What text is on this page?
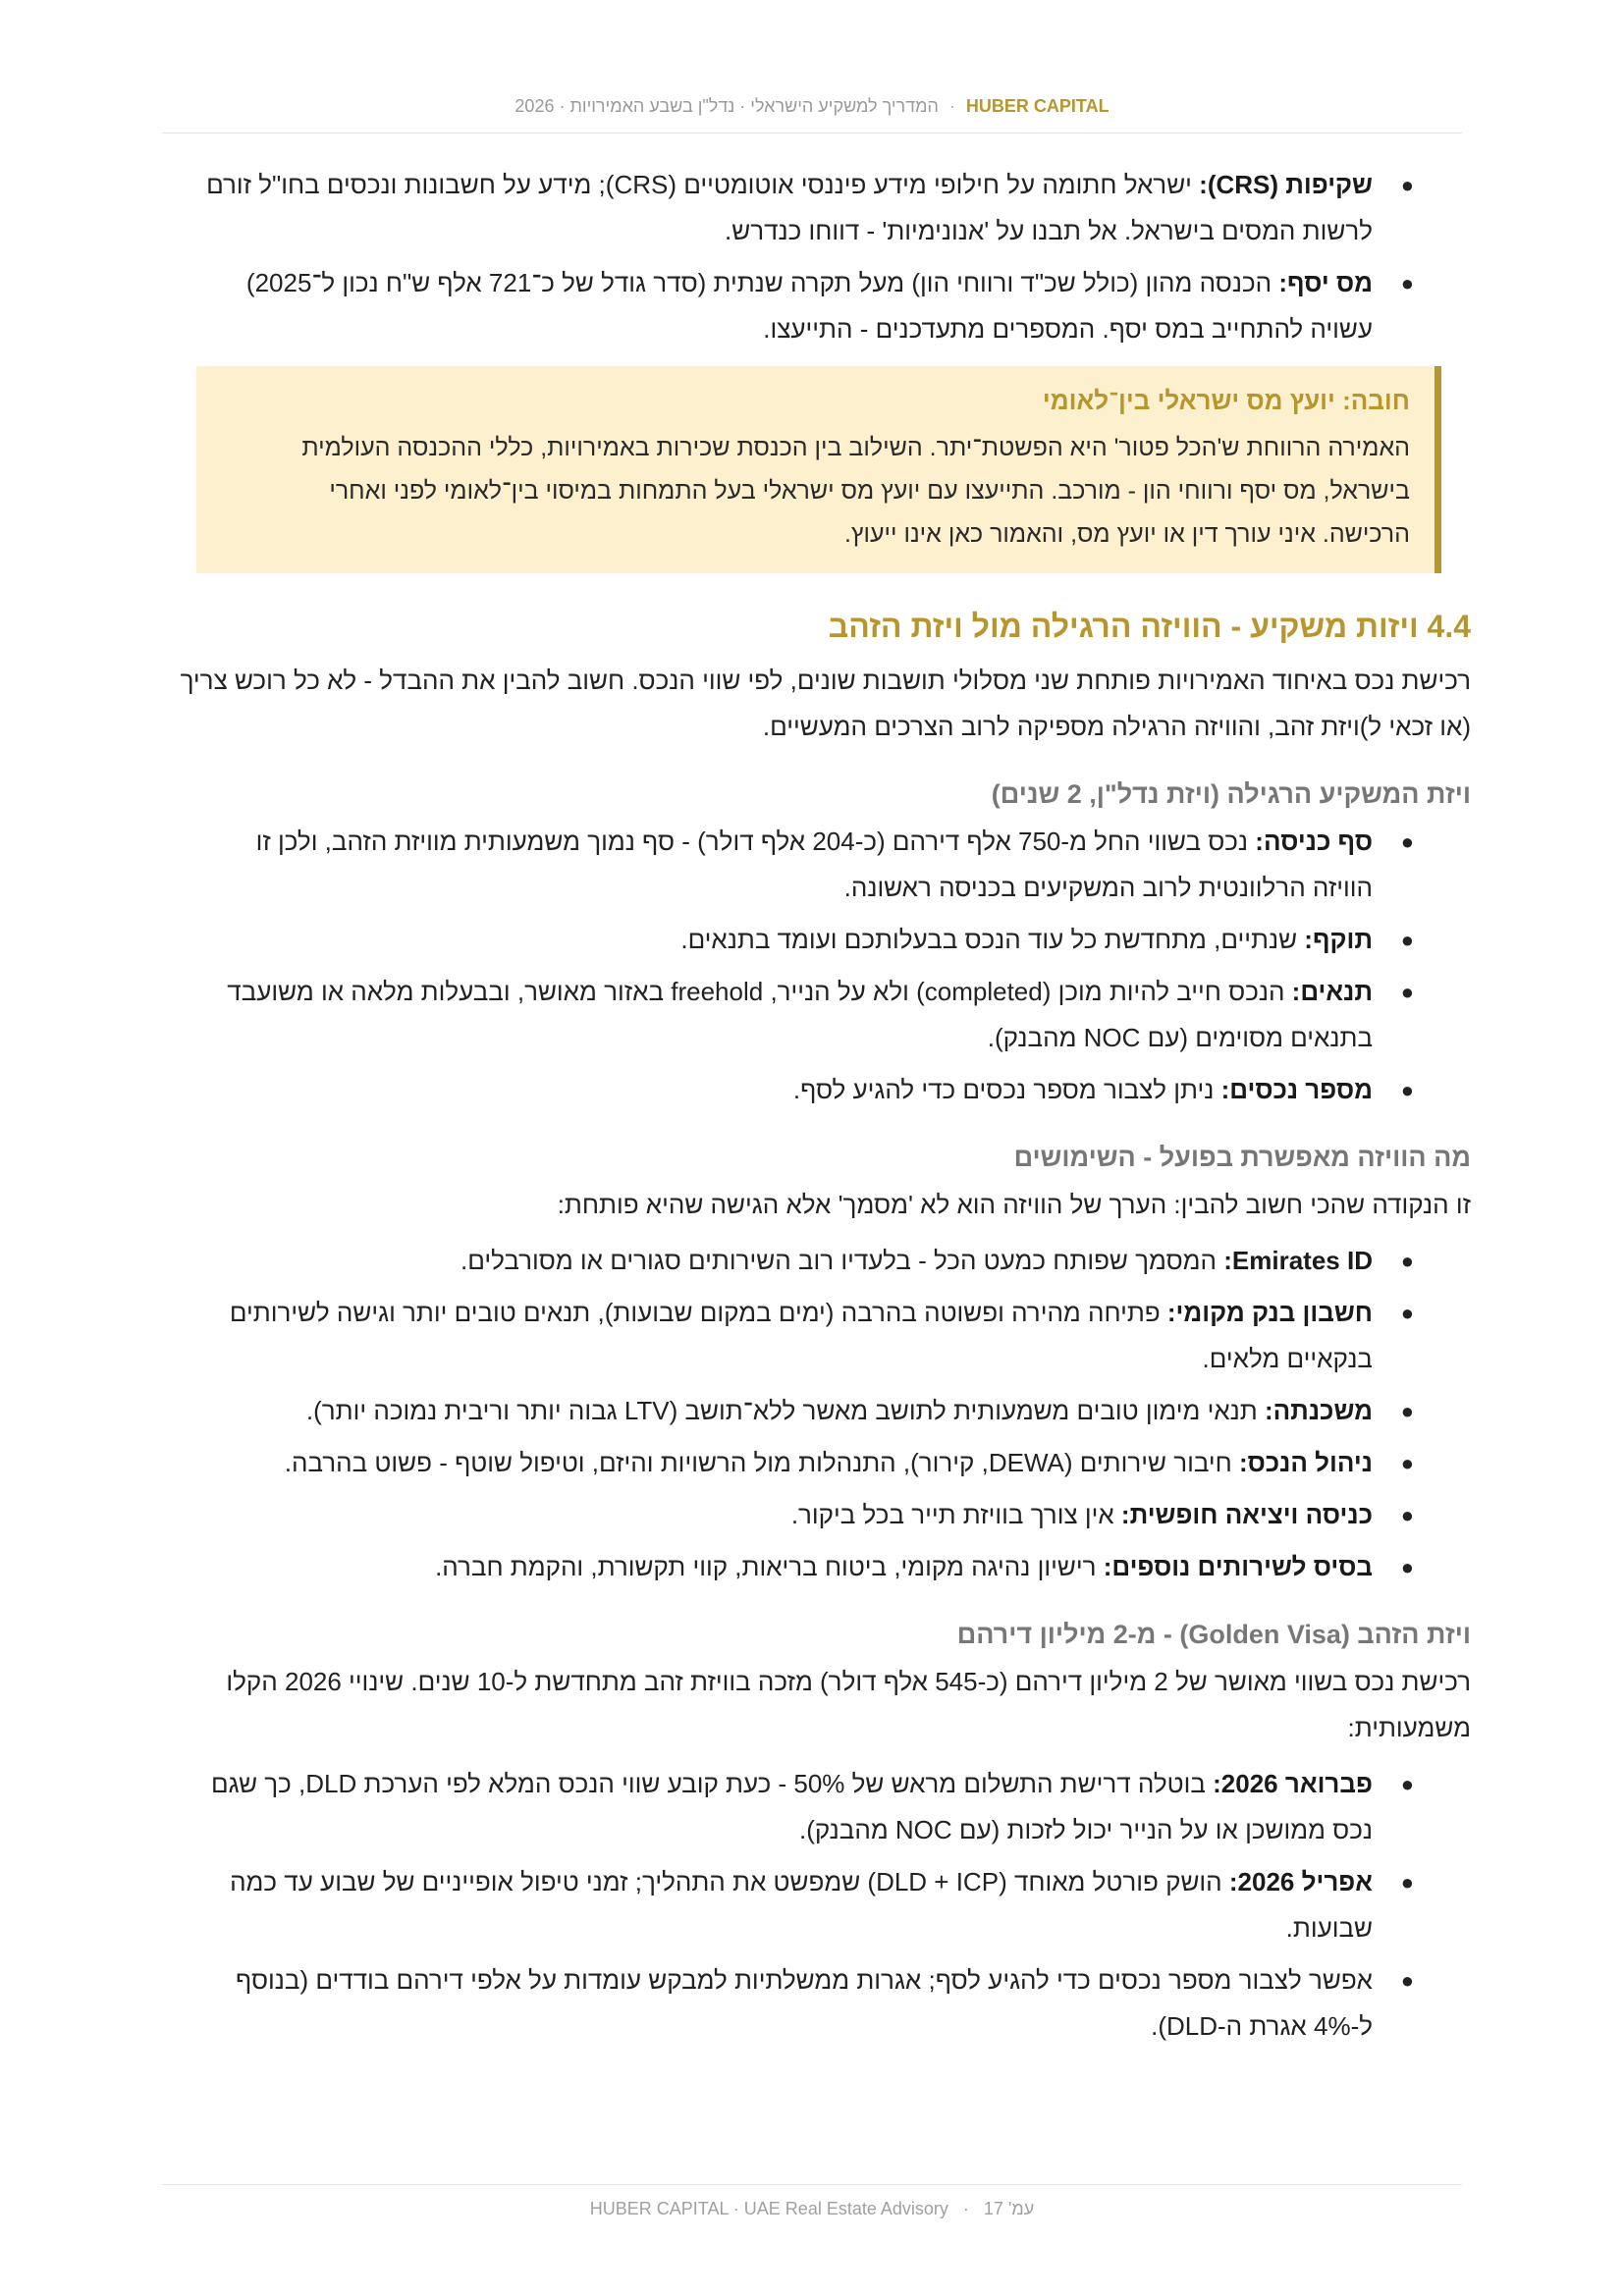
HUBER CAPITAL · המדריך למשקיע הישראלי · נדל"ן בשבע האמירויות · 2026
●
שקיפות (CRS): ישראל חתומה על חילופי מידע פיננסי אוטומטיים (CRS); מידע על חשבונות ונכסים בחו"ל זורם לרשות המסים בישראל. אל תבנו על 'אנונימיות' - דווחו כנדרש.
●
מס יסף: הכנסה מהון (כולל שכ"ד ורווחי הון) מעל תקרה שנתית (סדר גודל של כ־721 אלף ש"ח נכון ל־2025) עשויה להתחייב במס יסף. המספרים מתעדכנים - התייעצו.
חובה: יועץ מס ישראלי בין־לאומי
האמירה הרווחת ש'הכל פטור' היא הפשטת־יתר. השילוב בין הכנסת שכירות באמירויות, כללי ההכנסה העולמית בישראל, מס יסף ורווחי הון - מורכב. התייעצו עם יועץ מס ישראלי בעל התמחות במיסוי בין־לאומי לפני ואחרי הרכישה. איני עורך דין או יועץ מס, והאמור כאן אינו ייעוץ.
4.4 ויזות משקיע - הוויזה הרגילה מול ויזת הזהב

רכישת נכס באיחוד האמירויות פותחת שני מסלולי תושבות שונים, לפי שווי הנכס. חשוב להבין את ההבדל - לא כל רוכש צריך (או זכאי ל)ויזת זהב, והוויזה הרגילה מספיקה לרוב הצרכים המעשיים.

ויזת המשקיע הרגילה (ויזת נדל"ן, 2 שנים)
●
סף כניסה: נכס בשווי החל מ-750 אלף דירהם (כ-204 אלף דולר) - סף נמוך משמעותית מוויזת הזהב, ולכן זו הוויזה הרלוונטית לרוב המשקיעים בכניסה ראשונה.
●
תוקף: שנתיים, מתחדשת כל עוד הנכס בבעלותכם ועומד בתנאים.
●
תנאים: הנכס חייב להיות מוכן (completed) ולא על הנייר, freehold באזור מאושר, ובבעלות מלאה או משועבד בתנאים מסוימים (עם NOC מהבנק).
●
מספר נכסים: ניתן לצבור מספר נכסים כדי להגיע לסף.
מה הוויזה מאפשרת בפועל - השימושים

זו הנקודה שהכי חשוב להבין: הערך של הוויזה הוא לא 'מסמך' אלא הגישה שהיא פותחת:

●
Emirates ID: המסמך שפותח כמעט הכל - בלעדיו רוב השירותים סגורים או מסורבלים.
●
חשבון בנק מקומי: פתיחה מהירה ופשוטה בהרבה (ימים במקום שבועות), תנאים טובים יותר וגישה לשירותים בנקאיים מלאים.
●
משכנתה: תנאי מימון טובים משמעותית לתושב מאשר ללא־תושב (LTV גבוה יותר וריבית נמוכה יותר).
●
ניהול הנכס: חיבור שירותים (DEWA, קירור), התנהלות מול הרשויות והיזם, וטיפול שוטף - פשוט בהרבה.
●
כניסה ויציאה חופשית: אין צורך בוויזת תייר בכל ביקור.
●
בסיס לשירותים נוספים: רישיון נהיגה מקומי, ביטוח בריאות, קווי תקשורת, והקמת חברה.
ויזת הזהב (Golden Visa) - מ-2 מיליון דירהם

רכישת נכס בשווי מאושר של 2 מיליון דירהם (כ-545 אלף דולר) מזכה בוויזת זהב מתחדשת ל-10 שנים. שינויי 2026 הקלו משמעותית:

●
פברואר 2026: בוטלה דרישת התשלום מראש של 50% - כעת קובע שווי הנכס המלא לפי הערכת DLD, כך שגם נכס ממושכן או על הנייר יכול לזכות (עם NOC מהבנק).
●
אפריל 2026: הושק פורטל מאוחד (DLD + ICP) שמפשט את התהליך; זמני טיפול אופייניים של שבוע עד כמה שבועות.
●
אפשר לצבור מספר נכסים כדי להגיע לסף; אגרות ממשלתיות למבקש עומדות על אלפי דירהם בודדים (בנוסף ל-4% אגרת ה-DLD).
עמ' 17 · HUBER CAPITAL · UAE Real Estate Advisory
